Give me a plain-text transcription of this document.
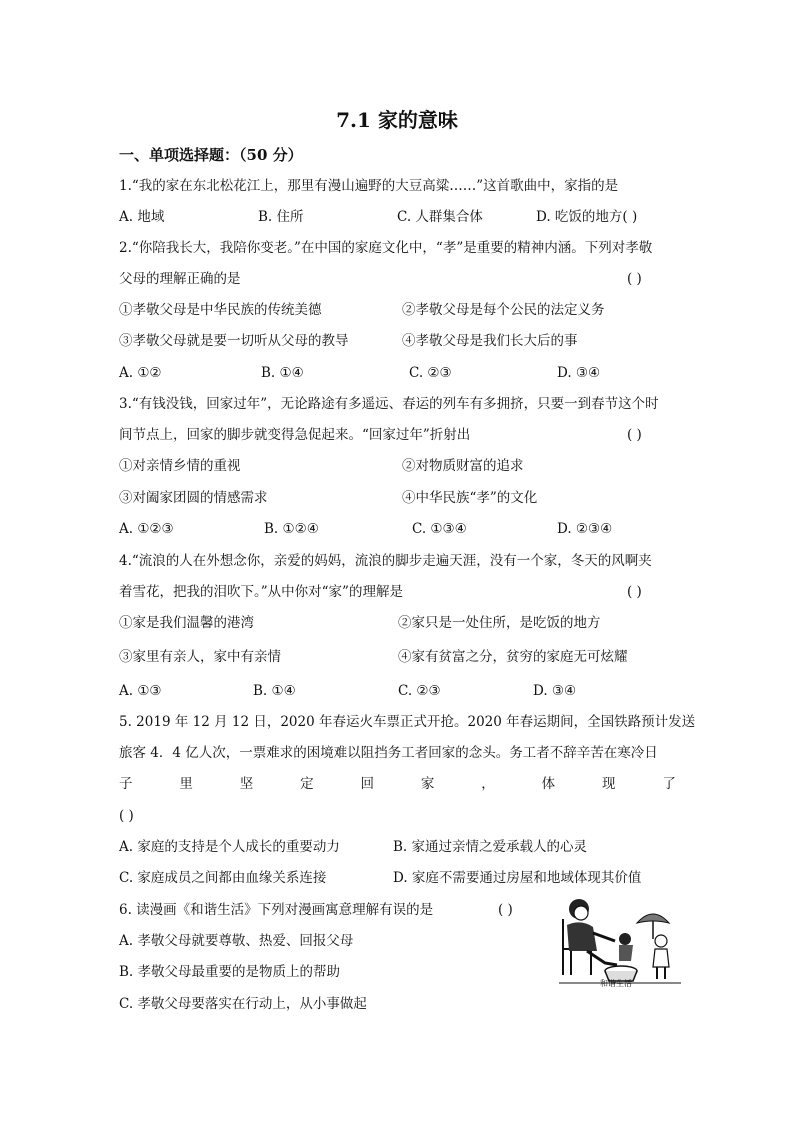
7.1 家的意味
一、单项选择题：（50 分）
1.“我的家在东北松花江上，那里有漫山遍野的大豆高粱……”这首歌曲中，家指的是
A. 地域	B. 住所	C. 人群集合体	D. 吃饭的地方( )
2.“你陪我长大，我陪你变老。”在中国的家庭文化中，“孝”是重要的精神内涵。下列对孝敬
父母的理解正确的是	( )
①孝敬父母是中华民族的传统美德	②孝敬父母是每个公民的法定义务
③孝敬父母就是要一切听从父母的教导	④孝敬父母是我们长大后的事
A. ①②	B. ①④	C. ②③	D. ③④
3.“有钱没钱，回家过年”，无论路途有多遥远、春运的列车有多拥挤，只要一到春节这个时
间节点上，回家的脚步就变得急促起来。“回家过年”折射出	( )
①对亲情乡情的重视	②对物质财富的追求
③对阖家团圆的情感需求	④中华民族“孝”的文化
A. ①②③	B. ①②④	C. ①③④	D. ②③④
4.“流浪的人在外想念你，亲爱的妈妈，流浪的脚步走遍天涯，没有一个家，冬天的风啊夹
着雪花，把我的泪吹下。”从中你对“家”的理解是	( )
①家是我们温馨的港湾	②家只是一处住所，是吃饭的地方
③家里有亲人，家中有亲情	④家有贫富之分，贫穷的家庭无可炫耀
A. ①③	B. ①④	C. ②③	D. ③④
5. 2019 年 12 月 12 日，2020 年春运火车票正式开抢。2020 年春运期间，全国铁路预计发送
旅客 4．4 亿人次，一票难求的困境难以阻挡务工者回家的念头。务工者不辞辛苦在寒冷日
子	里	坚	定	回	家	，	体	现	了
( )
A. 家庭的支持是个人成长的重要动力	B. 家通过亲情之爱承载人的心灵
C. 家庭成员之间都由血缘关系连接	D. 家庭不需要通过房屋和地域体现其价值
6. 读漫画《和谐生活》下列对漫画寓意理解有误的是	( )
A. 孝敬父母就要尊敬、热爱、回报父母
B. 孝敬父母最重要的是物质上的帮助
C. 孝敬父母要落实在行动上，从小事做起
和谐生活
